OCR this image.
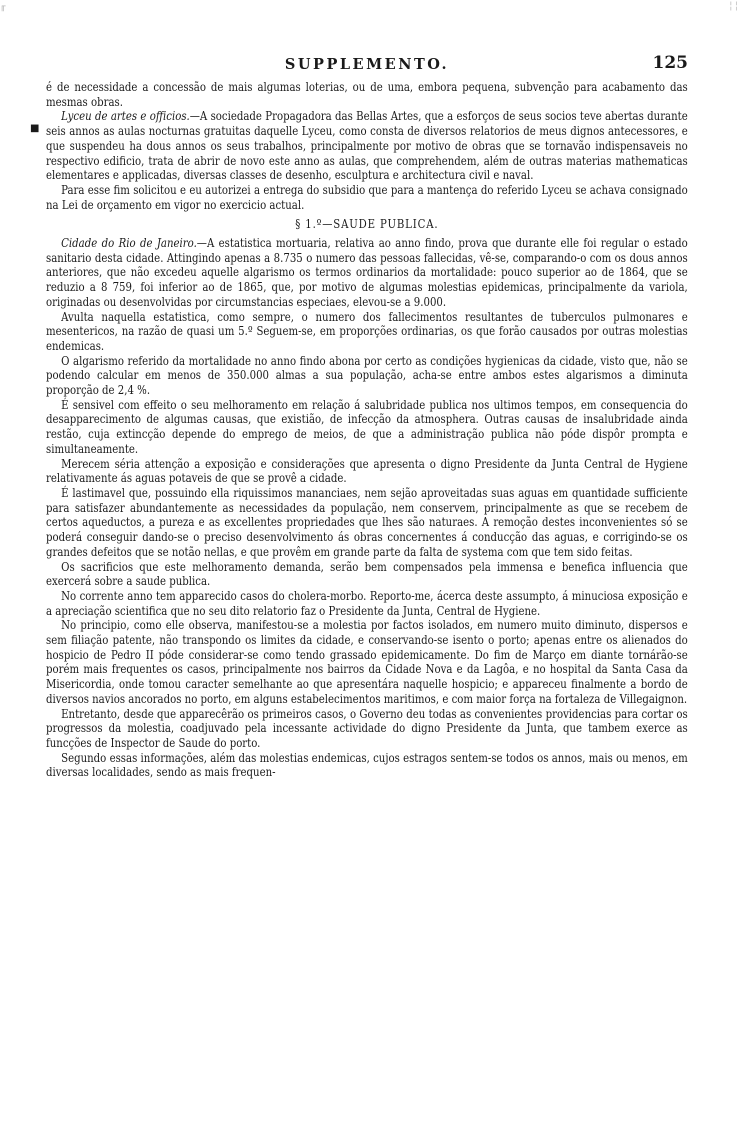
■
SUPPLEMENTO.	125

é de necessidade a concessão de mais algumas loterias, ou de uma, embora pequena, subvenção para acabamento das mesmas obras.

Lyceu de artes e officios.—A sociedade Propagadora das Bellas Artes, que a esforços de seus socios teve abertas durante seis annos as aulas nocturnas gratuitas daquelle Lyceu, como consta de diversos relatorios de meus dignos antecessores, e que suspendeu ha dous annos os seus trabalhos, principalmente por motivo de obras que se tornavão indispensaveis no respectivo edificio, trata de abrir de novo este anno as aulas, que comprehendem, além de outras materias mathematicas elementares e applicadas, diversas classes de desenho, esculptura e architectura civil e naval.

Para esse fim solicitou e eu autorizei a entrega do subsidio que para a mantença do referido Lyceu se achava consignado na Lei de orçamento em vigor no exercicio actual.

§ 1.º—SAUDE PUBLICA.

Cidade do Rio de Janeiro.—A estatistica mortuaria, relativa ao anno findo, prova que durante elle foi regular o estado sanitario desta cidade. Attingindo apenas a 8.735 o numero das pessoas fallecidas, vê-se, comparando-o com os dous annos anteriores, que não excedeu aquelle algarismo os termos ordinarios da mortalidade: pouco superior ao de 1864, que se reduzio a 8 759, foi inferior ao de 1865, que, por motivo de algumas molestias epidemicas, principalmente da variola, originadas ou desenvolvidas por circumstancias especiaes, elevou-se a 9.000.

Avulta naquella estatistica, como sempre, o numero dos fallecimentos resultantes de tuberculos pulmonares e mesentericos, na razão de quasi um 5.º Seguem-se, em proporções ordinarias, os que forão causados por outras molestias endemicas.

O algarismo referido da mortalidade no anno findo abona por certo as condições hygienicas da cidade, visto que, não se podendo calcular em menos de 350.000 almas a sua população, acha-se entre ambos estes algarismos a diminuta proporção de 2,4 %.

É sensivel com effeito o seu melhoramento em relação á salubridade publica nos ultimos tempos, em consequencia do desapparecimento de algumas causas, que existião, de infecção da atmosphera. Outras causas de insalubridade ainda restão, cuja extincção depende do emprego de meios, de que a administração publica não póde dispôr prompta e simultaneamente.

Merecem séria attenção a exposição e considerações que apresenta o digno Presidente da Junta Central de Hygiene relativamente ás aguas potaveis de que se provê a cidade.

É lastimavel que, possuindo ella riquissimos mananciaes, nem sejão aproveitadas suas aguas em quantidade sufficiente para satisfazer abundantemente as necessidades da população, nem conservem, principalmente as que se recebem de certos aqueductos, a pureza e as excellentes propriedades que lhes são naturaes. A remoção destes inconvenientes só se poderá conseguir dando-se o preciso desenvolvimento ás obras concernentes á conducção das aguas, e corrigindo-se os grandes defeitos que se notão nellas, e que provêm em grande parte da falta de systema com que tem sido feitas.

Os sacrificios que este melhoramento demanda, serão bem compensados pela immensa e benefica influencia que exercerá sobre a saude publica.

No corrente anno tem apparecido casos do cholera-morbo. Reporto-me, ácerca deste assumpto, á minuciosa exposição e a apreciação scientifica que no seu dito relatorio faz o Presidente da Junta, Central de Hygiene.

No principio, como elle observa, manifestou-se a molestia por factos isolados, em numero muito diminuto, dispersos e sem filiação patente, não transpondo os limites da cidade, e conservando-se isento o porto; apenas entre os alienados do hospicio de Pedro II póde considerar-se como tendo grassado epidemicamente. Do fim de Março em diante tornárão-se porém mais frequentes os casos, principalmente nos bairros da Cidade Nova e da Lagôa, e no hospital da Santa Casa da Misericordia, onde tomou caracter semelhante ao que apresentára naquelle hospicio; e appareceu finalmente a bordo de diversos navios ancorados no porto, em alguns estabelecimentos maritimos, e com maior força na fortaleza de Villegaignon.

Entretanto, desde que apparecêrão os primeiros casos, o Governo deu todas as convenientes providencias para cortar os progressos da molestia, coadjuvado pela incessante actividade do digno Presidente da Junta, que tambem exerce as funcções de Inspector de Saude do porto.

Segundo essas informações, além das molestias endemicas, cujos estragos sentem-se todos os annos, mais ou menos, em diversas localidades, sendo as mais frequen-

╓	╎╎
